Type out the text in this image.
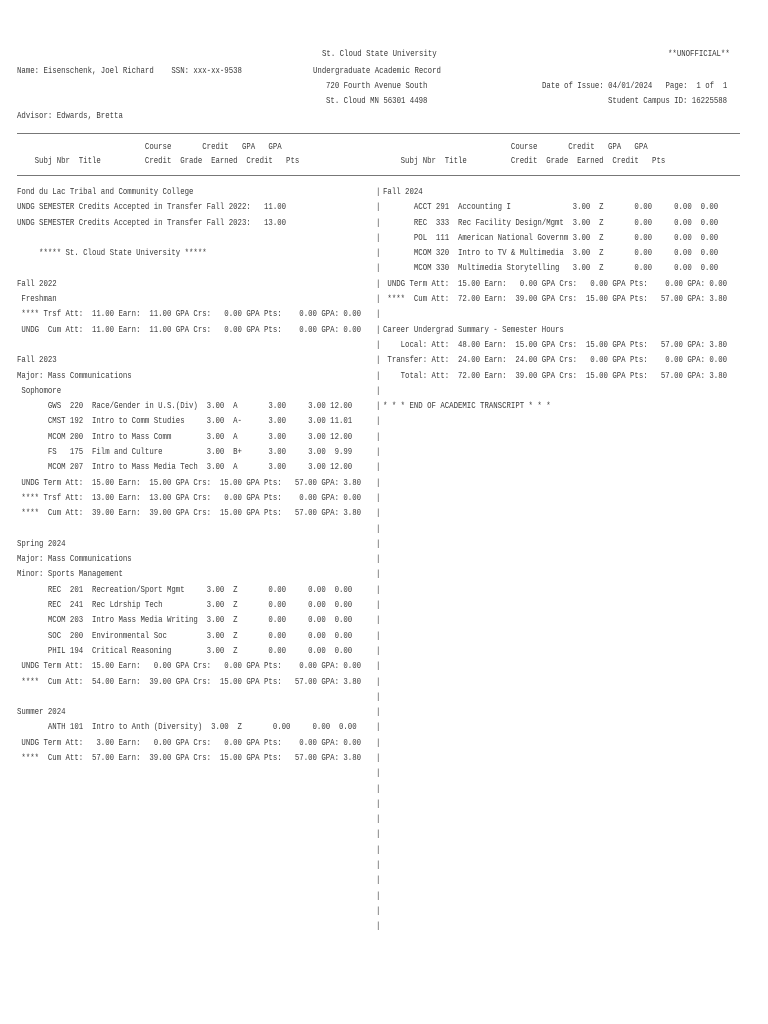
St. Cloud State University	**UNOFFICIAL**
Name: Eisenschenk, Joel Richard    SSN: xxx-xx-9538	Undergraduate Academic Record
720 Fourth Avenue South	Date of Issue: 04/01/2024   Page:  1 of  1
St. Cloud MN 56301 4498	Student Campus ID: 16225588
Advisor: Edwards, Bretta
Course       Credit   GPA   GPA
Subj Nbr  Title          Credit  Grade  Earned  Credit   Pts
Course       Credit   GPA   GPA
Subj Nbr  Title          Credit  Grade  Earned  Credit   Pts
Fond du Lac Tribal and Community College
UNDG SEMESTER Credits Accepted in Transfer Fall 2022:   11.00
UNDG SEMESTER Credits Accepted in Transfer Fall 2023:   13.00
***** St. Cloud State University *****
Fall 2022
Freshman
**** Trsf Att:  11.00 Earn:  11.00 GPA Crs:   0.00 GPA Pts:    0.00 GPA: 0.00
UNDG  Cum Att:  11.00 Earn:  11.00 GPA Crs:   0.00 GPA Pts:    0.00 GPA: 0.00
Fall 2023
Major: Mass Communications
Sophomore
GWS  220  Race/Gender in U.S.(Div)  3.00  A       3.00     3.00 12.00
CMST 192  Intro to Comm Studies     3.00  A-      3.00     3.00 11.01
MCOM 200  Intro to Mass Comm        3.00  A       3.00     3.00 12.00
FS   175  Film and Culture          3.00  B+      3.00     3.00  9.99
MCOM 207  Intro to Mass Media Tech  3.00  A       3.00     3.00 12.00
UNDG Term Att:  15.00 Earn:  15.00 GPA Crs:  15.00 GPA Pts:   57.00 GPA: 3.80
**** Trsf Att:  13.00 Earn:  13.00 GPA Crs:   0.00 GPA Pts:    0.00 GPA: 0.00
****  Cum Att:  39.00 Earn:  39.00 GPA Crs:  15.00 GPA Pts:   57.00 GPA: 3.80
Spring 2024
Major: Mass Communications
Minor: Sports Management
REC  201  Recreation/Sport Mgmt     3.00  Z       0.00     0.00  0.00
REC  241  Rec Ldrship Tech          3.00  Z       0.00     0.00  0.00
MCOM 203  Intro Mass Media Writing  3.00  Z       0.00     0.00  0.00
SOC  200  Environmental Soc         3.00  Z       0.00     0.00  0.00
PHIL 194  Critical Reasoning        3.00  Z       0.00     0.00  0.00
UNDG Term Att:  15.00 Earn:   0.00 GPA Crs:   0.00 GPA Pts:    0.00 GPA: 0.00
****  Cum Att:  54.00 Earn:  39.00 GPA Crs:  15.00 GPA Pts:   57.00 GPA: 3.80
Summer 2024
ANTH 101  Intro to Anth (Diversity)  3.00  Z       0.00     0.00  0.00
UNDG Term Att:   3.00 Earn:   0.00 GPA Crs:   0.00 GPA Pts:    0.00 GPA: 0.00
****  Cum Att:  57.00 Earn:  39.00 GPA Crs:  15.00 GPA Pts:   57.00 GPA: 3.80
|
|
|
|
|
|
|
|
|
|
|
|
|
|
|
|
|
|
|
|
|
|
|
|
|
|
|
|
|
|
|
|
|
|
|
|
|
|
|
|
|
|
|
|
|
|
|
|
|
Fall 2024
ACCT 291  Accounting I              3.00  Z       0.00     0.00  0.00
REC  333  Rec Facility Design/Mgmt  3.00  Z       0.00     0.00  0.00
POL  111  American National Governm 3.00  Z       0.00     0.00  0.00
MCOM 320  Intro to TV & Multimedia  3.00  Z       0.00     0.00  0.00
MCOM 330  Multimedia Storytelling   3.00  Z       0.00     0.00  0.00
UNDG Term Att:  15.00 Earn:   0.00 GPA Crs:   0.00 GPA Pts:    0.00 GPA: 0.00
****  Cum Att:  72.00 Earn:  39.00 GPA Crs:  15.00 GPA Pts:   57.00 GPA: 3.80
Career Undergrad Summary - Semester Hours
Local: Att:  48.00 Earn:  15.00 GPA Crs:  15.00 GPA Pts:   57.00 GPA: 3.80
Transfer: Att:  24.00 Earn:  24.00 GPA Crs:   0.00 GPA Pts:    0.00 GPA: 0.00
Total: Att:  72.00 Earn:  39.00 GPA Crs:  15.00 GPA Pts:   57.00 GPA: 3.80
* * * END OF ACADEMIC TRANSCRIPT * * *
